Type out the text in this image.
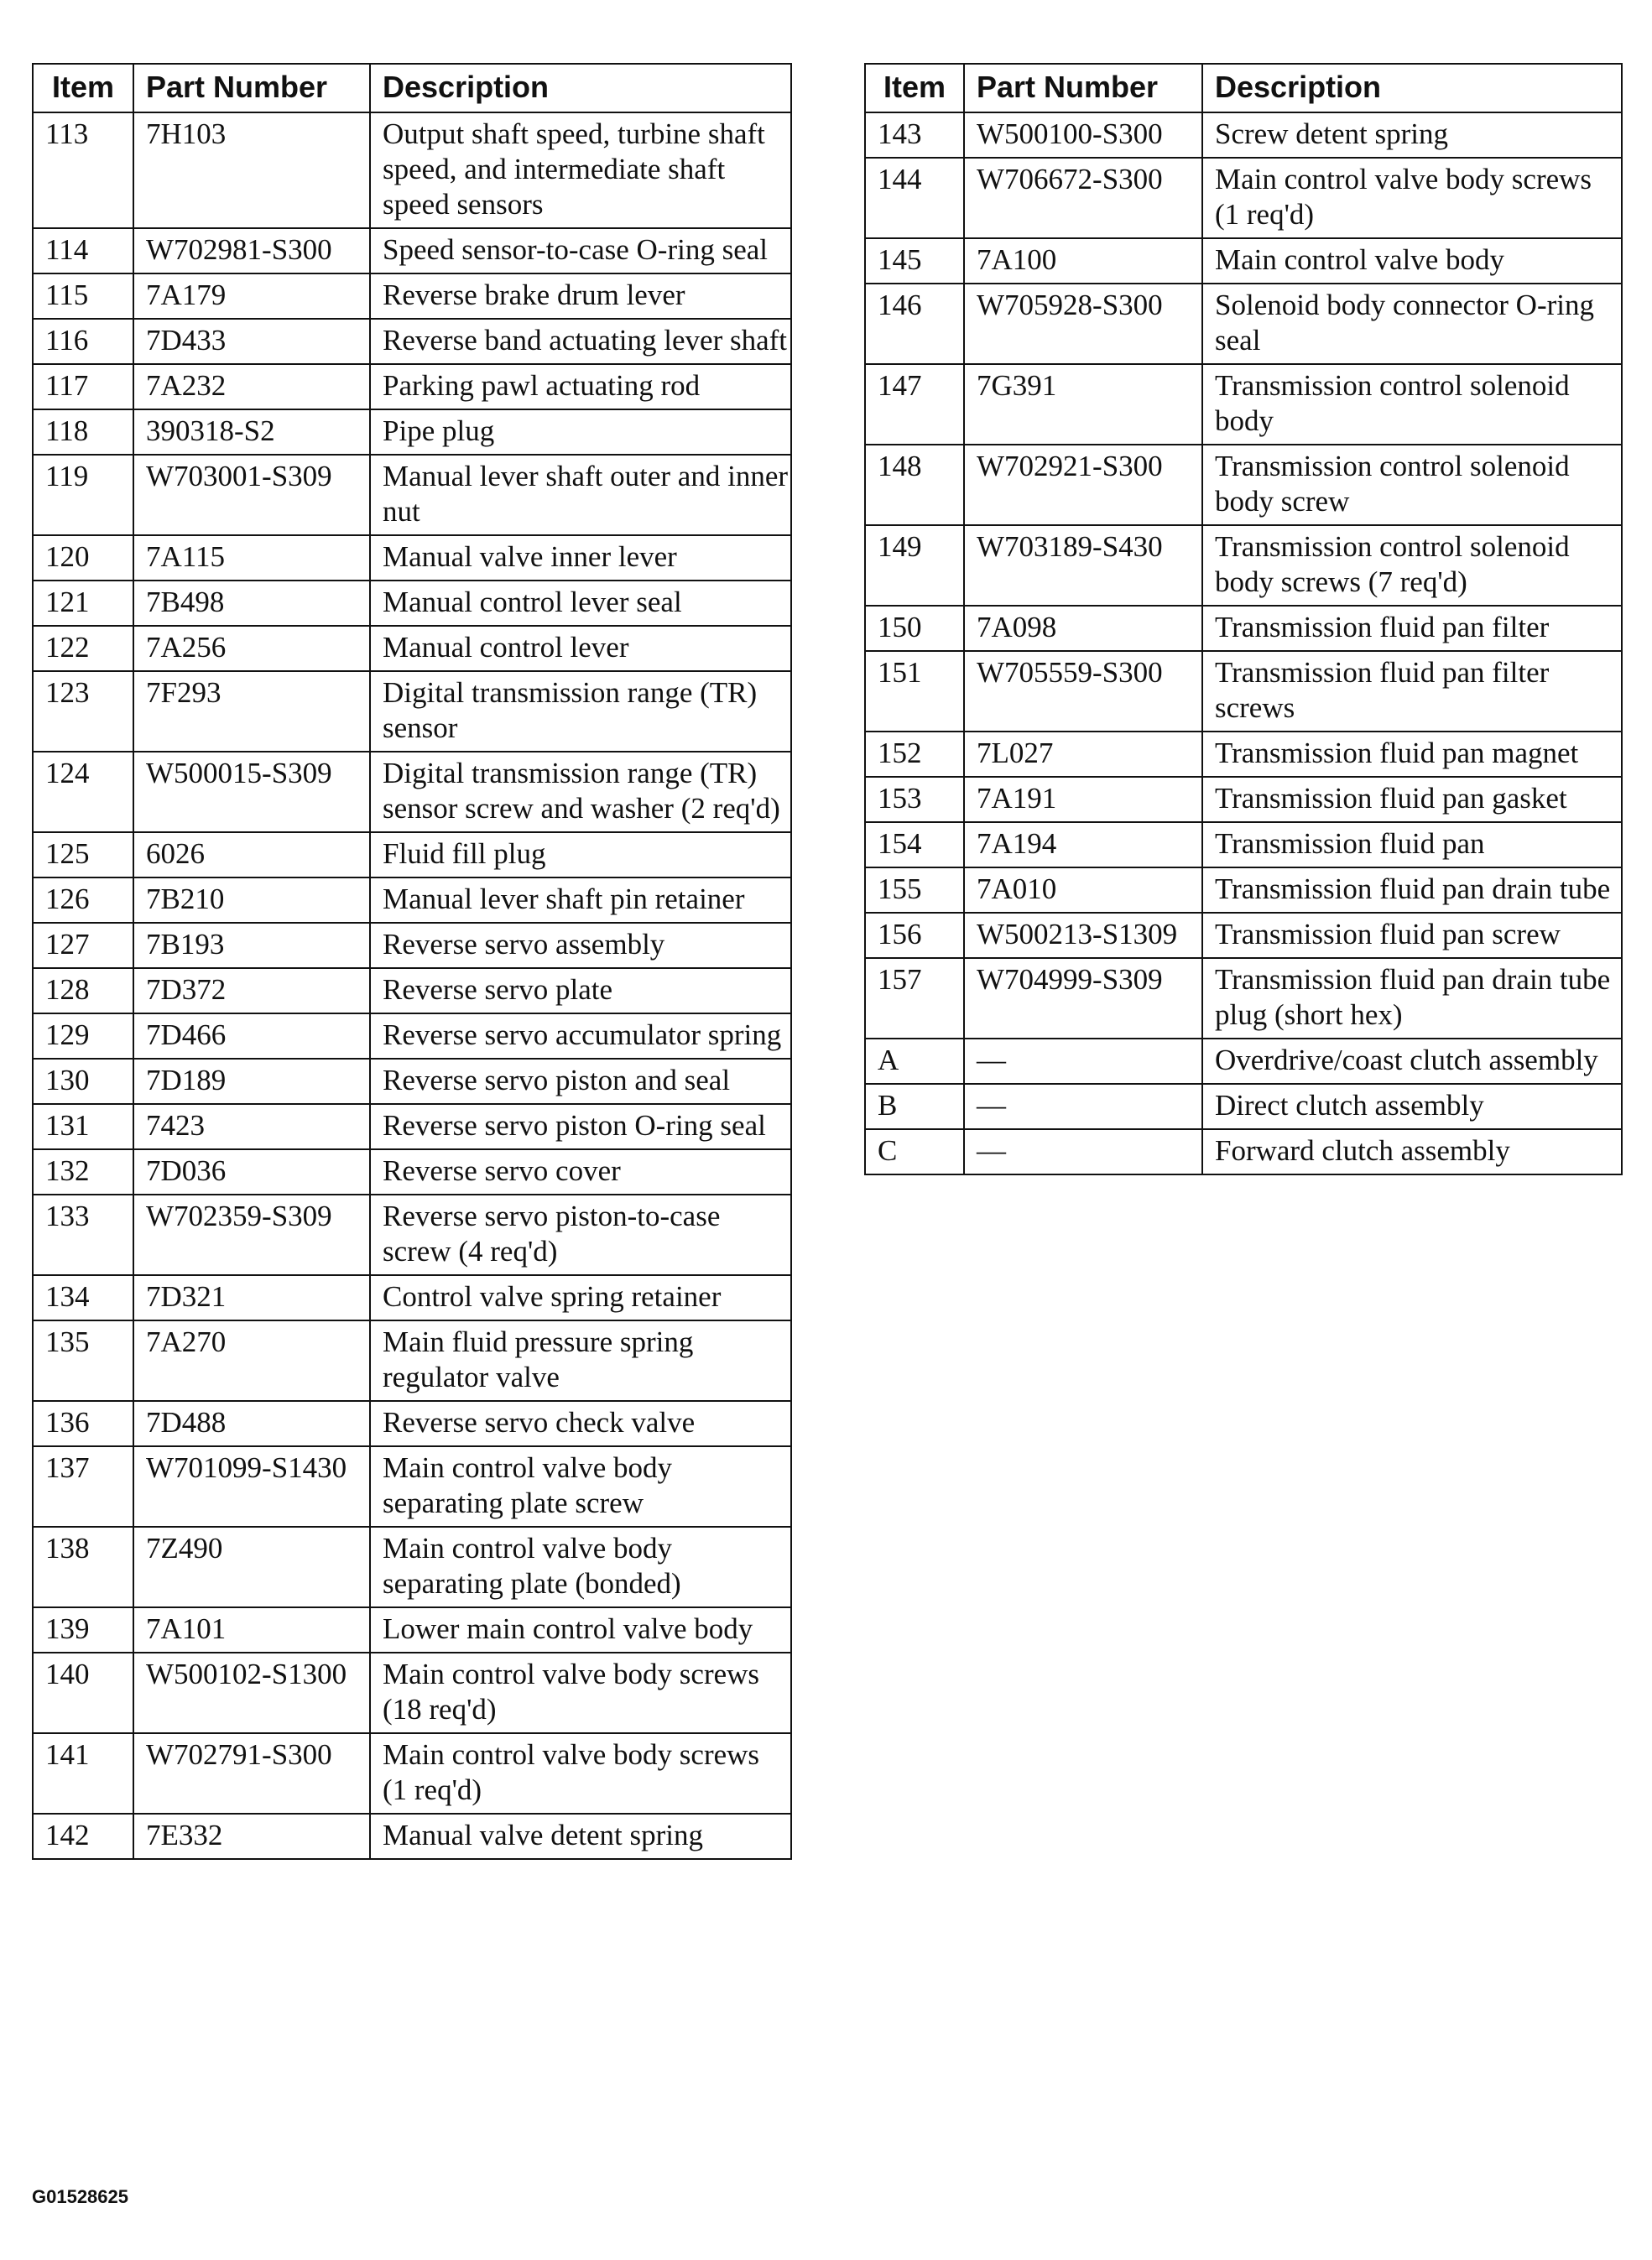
Item	Part Number	Description
113	7H103	Output shaft speed, turbine shaft speed, and intermediate shaft speed sensors
114	W702981-S300	Speed sensor-to-case O-ring seal
115	7A179	Reverse brake drum lever
116	7D433	Reverse band actuating lever shaft
117	7A232	Parking pawl actuating rod
118	390318-S2	Pipe plug
119	W703001-S309	Manual lever shaft outer and inner nut
120	7A115	Manual valve inner lever
121	7B498	Manual control lever seal
122	7A256	Manual control lever
123	7F293	Digital transmission range (TR) sensor
124	W500015-S309	Digital transmission range (TR) sensor screw and washer (2 req'd)
125	6026	Fluid fill plug
126	7B210	Manual lever shaft pin retainer
127	7B193	Reverse servo assembly
128	7D372	Reverse servo plate
129	7D466	Reverse servo accumulator spring
130	7D189	Reverse servo piston and seal
131	7423	Reverse servo piston O-ring seal
132	7D036	Reverse servo cover
133	W702359-S309	Reverse servo piston-to-case screw (4 req'd)
134	7D321	Control valve spring retainer
135	7A270	Main fluid pressure spring regulator valve
136	7D488	Reverse servo check valve
137	W701099-S1430	Main control valve body separating plate screw
138	7Z490	Main control valve body separating plate (bonded)
139	7A101	Lower main control valve body
140	W500102-S1300	Main control valve body screws (18 req'd)
141	W702791-S300	Main control valve body screws (1 req'd)
142	7E332	Manual valve detent spring
Item	Part Number	Description
143	W500100-S300	Screw detent spring
144	W706672-S300	Main control valve body screws (1 req'd)
145	7A100	Main control valve body
146	W705928-S300	Solenoid body connector O-ring seal
147	7G391	Transmission control solenoid body
148	W702921-S300	Transmission control solenoid body screw
149	W703189-S430	Transmission control solenoid body screws (7 req'd)
150	7A098	Transmission fluid pan filter
151	W705559-S300	Transmission fluid pan filter screws
152	7L027	Transmission fluid pan magnet
153	7A191	Transmission fluid pan gasket
154	7A194	Transmission fluid pan
155	7A010	Transmission fluid pan drain tube
156	W500213-S1309	Transmission fluid pan screw
157	W704999-S309	Transmission fluid pan drain tube plug (short hex)
A	—	Overdrive/coast clutch assembly
B	—	Direct clutch assembly
C	—	Forward clutch assembly
G01528625
